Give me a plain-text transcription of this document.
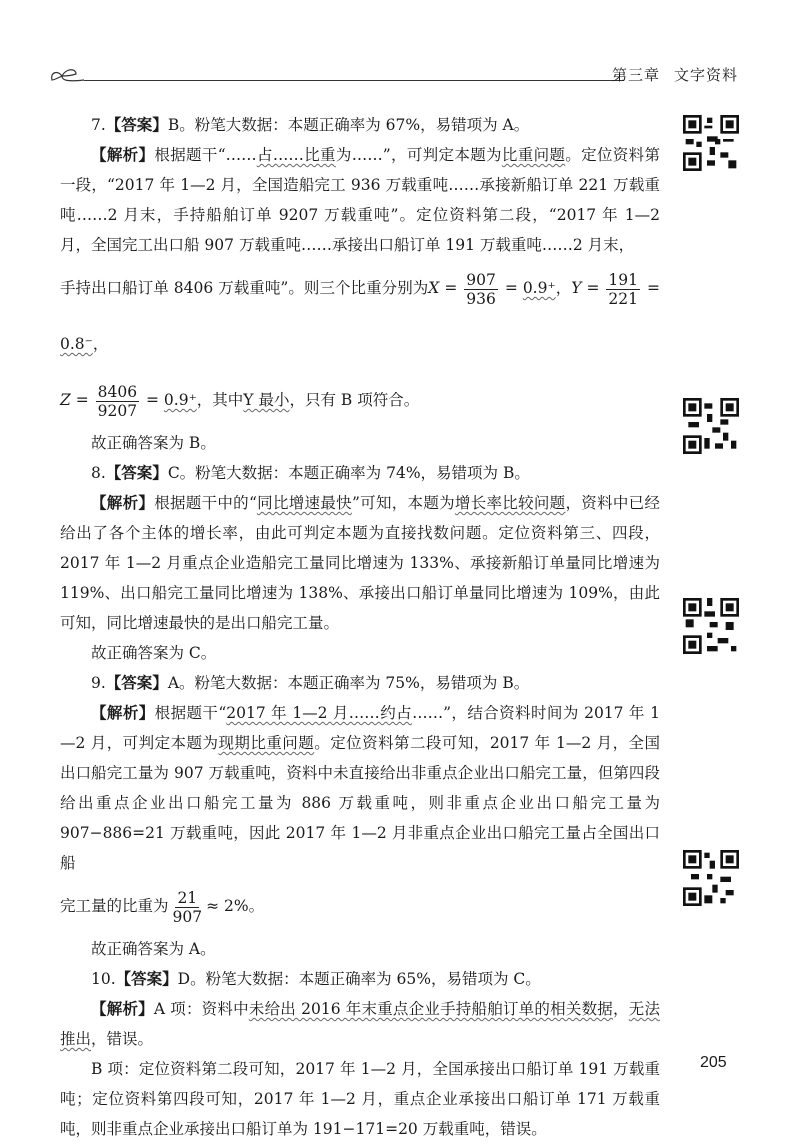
第三章 文字资料

7.【答案】B。粉笔大数据：本题正确率为 67%，易错项为 A。

【解析】根据题干“……占……比重为……”，可判定本题为比重问题。定位资料第一段，“2017 年 1—2 月，全国造船完工 936 万载重吨……承接新船订单 221 万载重吨……2 月末，手持船舶订单 9207 万载重吨”。定位资料第二段，“2017 年 1—2 月，全国完工出口船 907 万载重吨……承接出口船订单 191 万载重吨……2 月末，

手持出口船订单 8406 万载重吨”。则三个比重分别为$X = \frac{907}{936} = 0.9^+$，$Y = \frac{191}{221} = 0.8^-$，

$Z = \frac{8406}{9207} = 0.9^+$，其中Y 最小，只有 B 项符合。

故正确答案为 B。

8.【答案】C。粉笔大数据：本题正确率为 74%，易错项为 B。

【解析】根据题干中的“同比增速最快”可知，本题为增长率比较问题，资料中已经给出了各个主体的增长率，由此可判定本题为直接找数问题。定位资料第三、四段，2017 年 1—2 月重点企业造船完工量同比增速为 133%、承接新船订单量同比增速为 119%、出口船完工量同比增速为 138%、承接出口船订单量同比增速为 109%，由此可知，同比增速最快的是出口船完工量。

故正确答案为 C。

9.【答案】A。粉笔大数据：本题正确率为 75%，易错项为 B。

【解析】根据题干“2017 年 1—2 月……约占……”，结合资料时间为 2017 年 1—2 月，可判定本题为现期比重问题。定位资料第二段可知，2017 年 1—2 月，全国出口船完工量为 907 万载重吨，资料中未直接给出非重点企业出口船完工量，但第四段给出重点企业出口船完工量为 886 万载重吨，则非重点企业出口船完工量为 907−886=21 万载重吨，因此 2017 年 1—2 月非重点企业出口船完工量占全国出口船

完工量的比重为 $\frac{21}{907} \approx 2\%$。

故正确答案为 A。

10.【答案】D。粉笔大数据：本题正确率为 65%，易错项为 C。

【解析】A 项：资料中未给出 2016 年末重点企业手持船舶订单的相关数据，无法推出，错误。

B 项：定位资料第二段可知，2017 年 1—2 月，全国承接出口船订单 191 万载重吨；定位资料第四段可知，2017 年 1—2 月，重点企业承接出口船订单 171 万载重吨，则非重点企业承接出口船订单为 191−171=20 万载重吨，错误。

205
